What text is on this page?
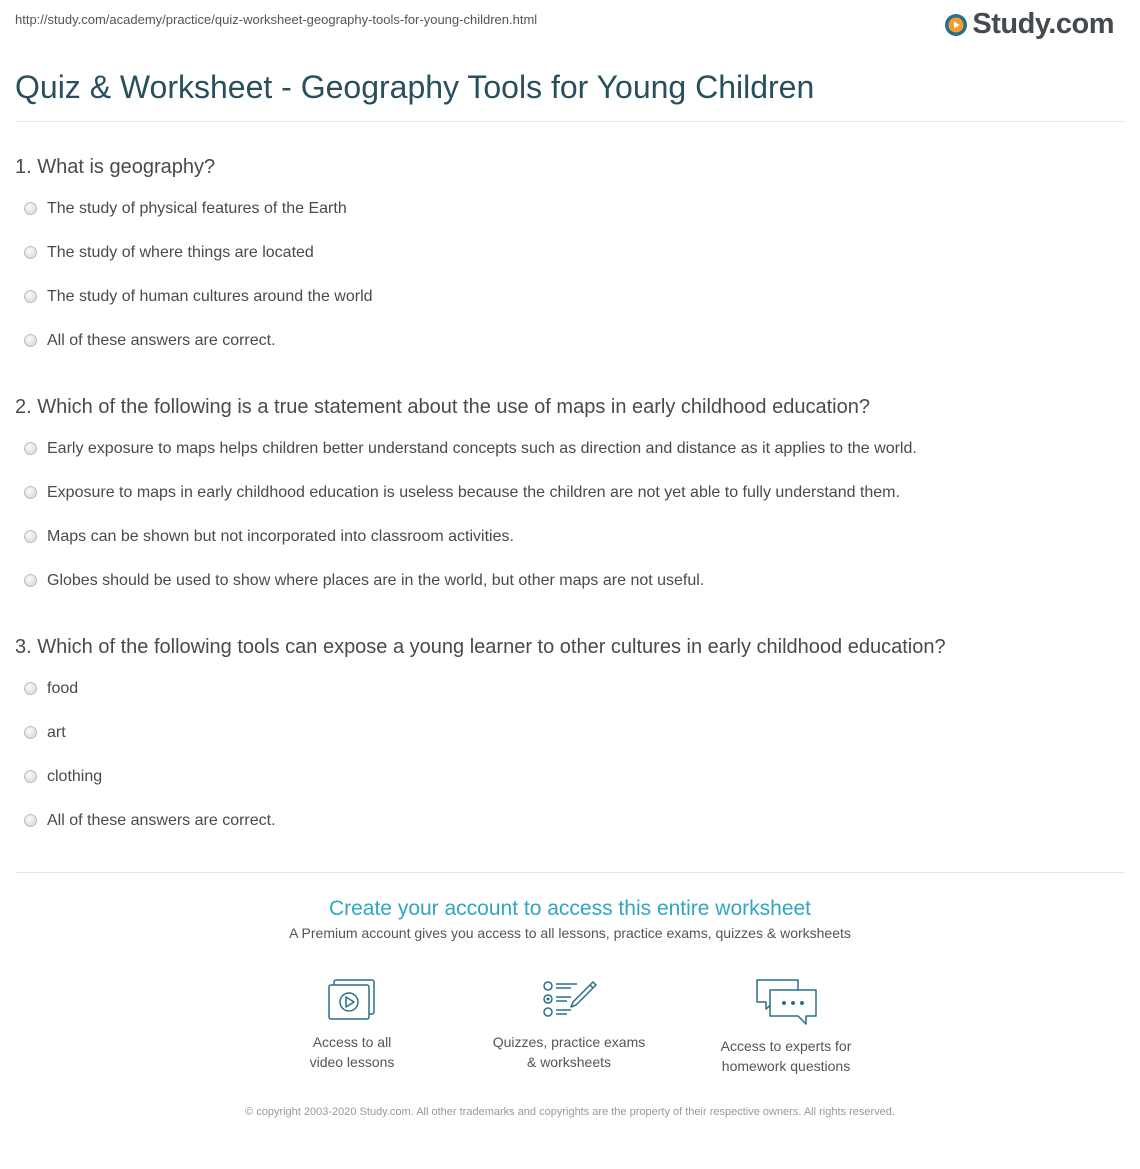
http://study.com/academy/practice/quiz-worksheet-geography-tools-for-young-children.html	Study.com
Quiz & Worksheet - Geography Tools for Young Children

1. What is geography?

The study of physical features of the Earth
The study of where things are located
The study of human cultures around the world
All of these answers are correct.

2. Which of the following is a true statement about the use of maps in early childhood education?

Early exposure to maps helps children better understand concepts such as direction and distance as it applies to the world.
Exposure to maps in early childhood education is useless because the children are not yet able to fully understand them.
Maps can be shown but not incorporated into classroom activities.
Globes should be used to show where places are in the world, but other maps are not useful.

3. Which of the following tools can expose a young learner to other cultures in early childhood education?

food
art
clothing
All of these answers are correct.

Create your account to access this entire worksheet

A Premium account gives you access to all lessons, practice exams, quizzes & worksheets

Access to all
video lessons
Quizzes, practice exams
& worksheets
Access to experts for
homework questions
© copyright 2003-2020 Study.com. All other trademarks and copyrights are the property of their respective owners. All rights reserved.
